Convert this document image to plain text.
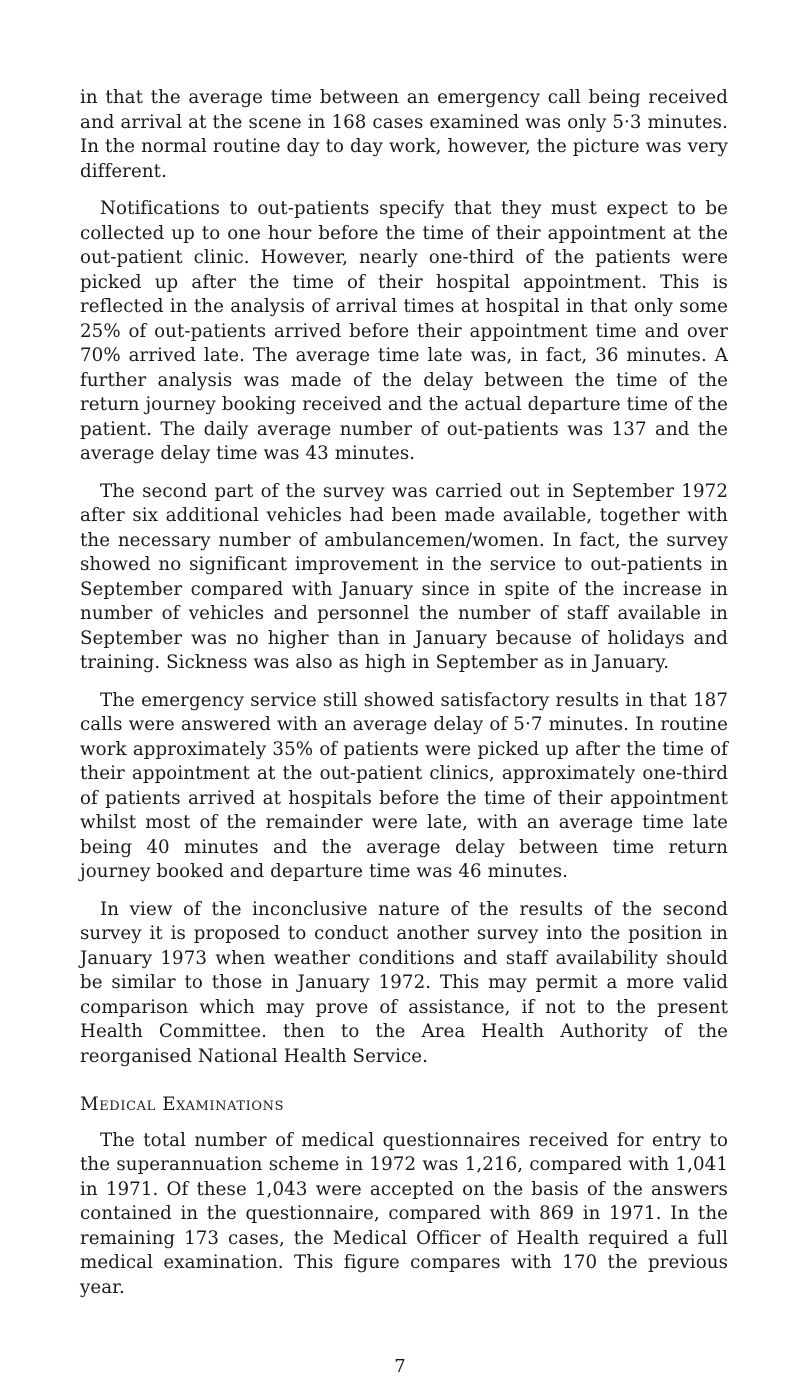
in that the average time between an emergency call being received and arrival at the scene in 168 cases examined was only 5·3 minutes. In the normal routine day to day work, however, the picture was very different.

Notifications to out-patients specify that they must expect to be collected up to one hour before the time of their appointment at the out-patient clinic. However, nearly one-third of the patients were picked up after the time of their hospital appointment. This is reflected in the analysis of arrival times at hospital in that only some 25% of out-patients arrived before their appointment time and over 70% arrived late. The average time late was, in fact, 36 minutes. A further analysis was made of the delay between the time of the return journey booking received and the actual departure time of the patient. The daily average number of out-patients was 137 and the average delay time was 43 minutes.

The second part of the survey was carried out in September 1972 after six additional vehicles had been made available, together with the necessary number of ambulancemen/women. In fact, the survey showed no significant improvement in the service to out-patients in September compared with January since in spite of the increase in number of vehicles and personnel the number of staff available in September was no higher than in January because of holidays and training. Sickness was also as high in September as in January.

The emergency service still showed satisfactory results in that 187 calls were answered with an average delay of 5·7 minutes. In routine work approximately 35% of patients were picked up after the time of their appointment at the out-patient clinics, approximately one-third of patients arrived at hospitals before the time of their appointment whilst most of the remainder were late, with an average time late being 40 minutes and the average delay between time return journey booked and departure time was 46 minutes.

In view of the inconclusive nature of the results of the second survey it is proposed to conduct another survey into the position in January 1973 when weather conditions and staff availability should be similar to those in January 1972. This may permit a more valid comparison which may prove of assistance, if not to the present Health Committee. then to the Area Health Authority of the reorganised National Health Service.

Medical Examinations

The total number of medical questionnaires received for entry to the superannuation scheme in 1972 was 1,216, compared with 1,041 in 1971. Of these 1,043 were accepted on the basis of the answers contained in the questionnaire, compared with 869 in 1971. In the remaining 173 cases, the Medical Officer of Health required a full medical examination. This figure compares with 170 the previous year.

7
